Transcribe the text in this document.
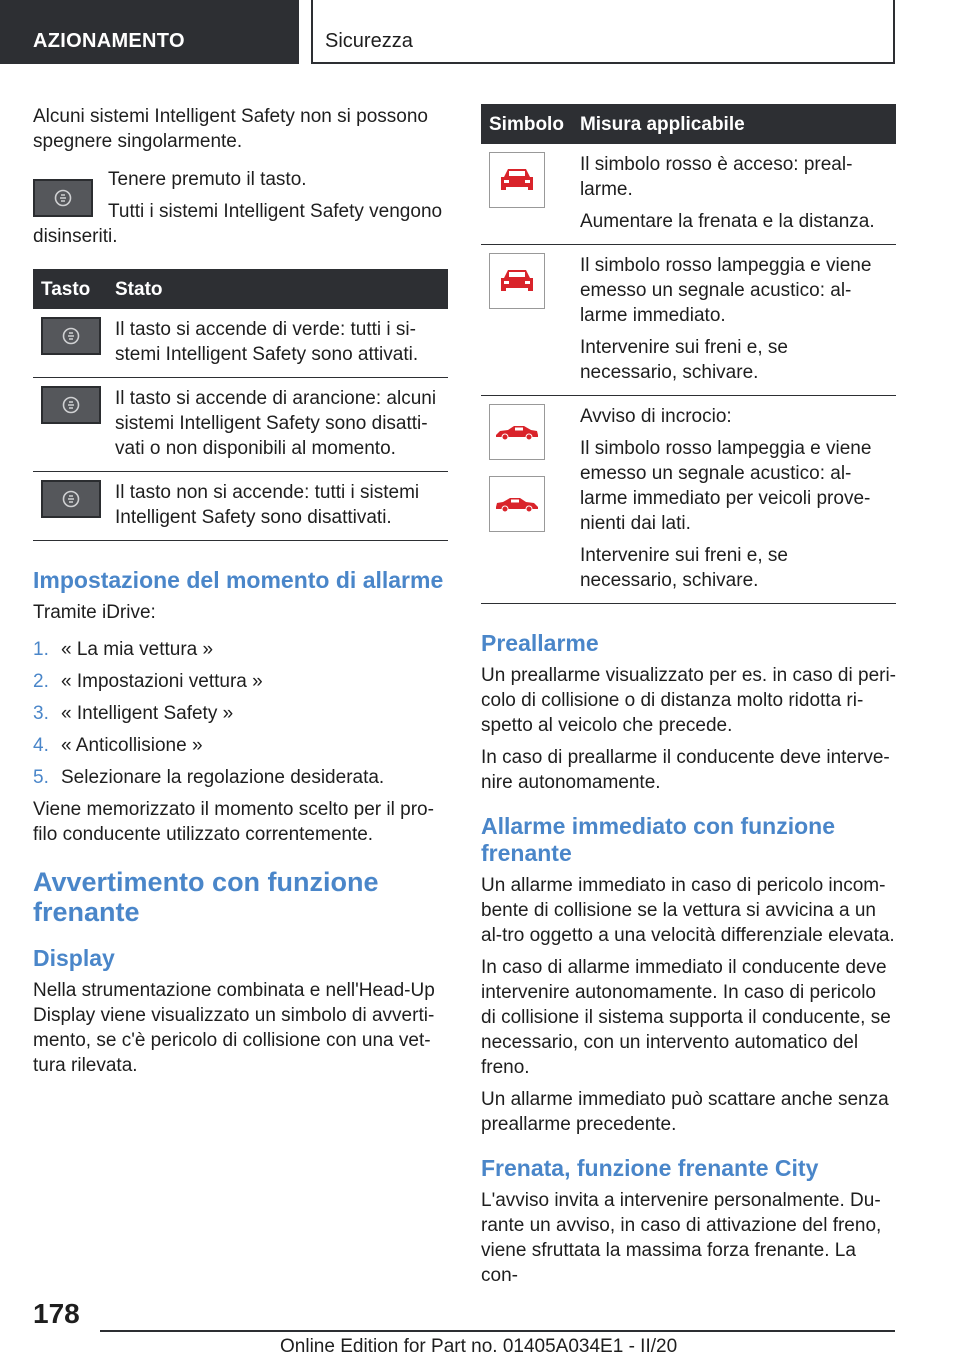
AZIONAMENTO	Sicurezza

Alcuni sistemi Intelligent Safety non si possono spegnere singolarmente.

Tenere premuto il tasto.

Tutti i sistemi Intelligent Safety vengono disinseriti.

Tasto	Stato

Il tasto si accende di verde: tutti i si-stemi Intelligent Safety sono attivati.

Il tasto si accende di arancione: alcuni sistemi Intelligent Safety sono disatti-vati o non disponibili al momento.

Il tasto non si accende: tutti i sistemi Intelligent Safety sono disattivati.

Impostazione del momento di allarme

Tramite iDrive:

1. « La mia vettura »
2. « Impostazioni vettura »
3. « Intelligent Safety »
4. « Anticollisione »
5. Selezionare la regolazione desiderata.

Viene memorizzato il momento scelto per il pro-filo conducente utilizzato correntemente.

Avvertimento con funzione frenante
Display

Nella strumentazione combinata e nell'Head-Up Display viene visualizzato un simbolo di avverti-mento, se c'è pericolo di collisione con una vet-tura rilevata.

Simbolo	Misura applicabile

Il simbolo rosso è acceso: preal-larme.

Aumentare la frenata e la distanza.

Il simbolo rosso lampeggia e viene emesso un segnale acustico: al-larme immediato.

Intervenire sui freni e, se necessario, schivare.

Avviso di incrocio:

Il simbolo rosso lampeggia e viene emesso un segnale acustico: al-larme immediato per veicoli prove-nienti dai lati.

Intervenire sui freni e, se necessario, schivare.

Preallarme

Un preallarme visualizzato per es. in caso di peri-colo di collisione o di distanza molto ridotta ri-spetto al veicolo che precede.

In caso di preallarme il conducente deve interve-nire autonomamente.

Allarme immediato con funzione frenante

Un allarme immediato in caso di pericolo incom-bente di collisione se la vettura si avvicina a un al-tro oggetto a una velocità differenziale elevata.

In caso di allarme immediato il conducente deve intervenire autonomamente. In caso di pericolo di collisione il sistema supporta il conducente, se necessario, con un intervento automatico del freno.

Un allarme immediato può scattare anche senza preallarme precedente.

Frenata, funzione frenante City

L'avviso invita a intervenire personalmente. Du-rante un avviso, in caso di attivazione del freno, viene sfruttata la massima forza frenante. La con-

178
Online Edition for Part no. 01405A034E1 - II/20
